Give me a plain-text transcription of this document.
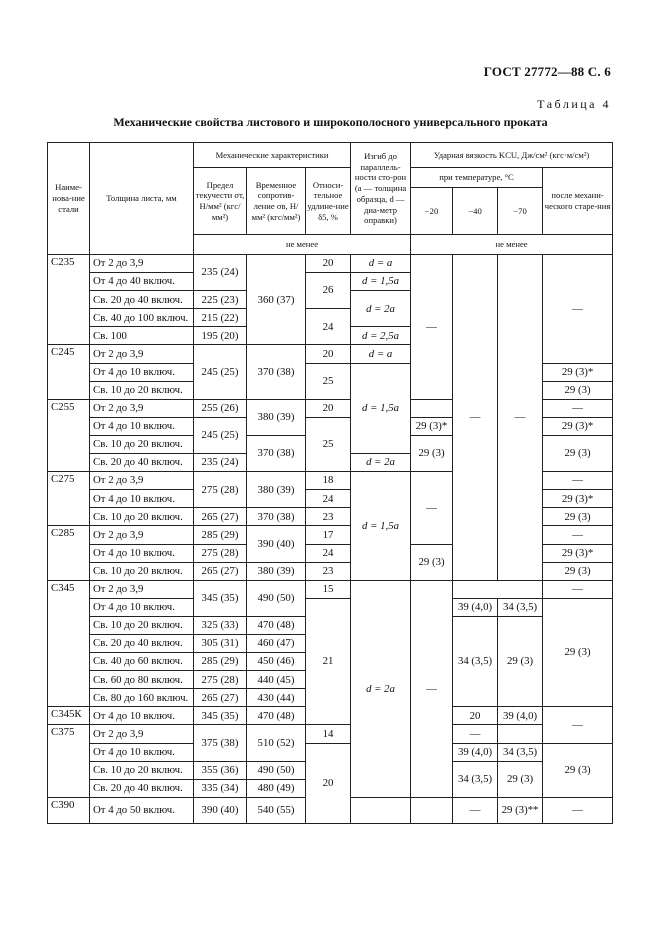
ГОСТ 27772—88 С. 6
Таблица 4
Механические свойства листового и широкополосного универсального проката
Наиме-нова-ние стали	Толщина листа, мм	Механические характеристики			Изгиб до параллель-ности сто-рон (a — толщина образца, d — диа-метр оправки)	Ударная вязкость KCU, Дж/см² (кгс·м/см²)				
		Предел текучести σт, Н/мм² (кгс/мм²)	Временное сопротив-ление σв, Н/мм² (кгс/мм²)	Относи-тельное удлине-ние δ5, %		при температуре, °С			после механи-ческого старе-ния	
						−20	−40	−70		
		не менее				не менее				
С235	От 2 до 3,9	235 (24)	360 (37)	20	d = a	—	—	—	—	
	От 4 до 40 включ.			26	d = 1,5a					
	Св. 20 до 40 включ.	225 (23)			d = 2a					
	Св. 40 до 100 включ.	215 (22)		24						
	Св. 100	195 (20)			d = 2,5a					
С245	От 2 до 3,9	245 (25)	370 (38)	20	d = a					
	От 4 до 10 включ.			25	d = 1,5a				29 (3)*	
	Св. 10 до 20 включ.								29 (3)	
С255	От 2 до 3,9	255 (26)	380 (39)	20					—	
	От 4 до 10 включ.	245 (25)		25		29 (3)*			29 (3)*	
	Св. 10 до 20 включ.		370 (38)			29 (3)			29 (3)	
	Св. 20 до 40 включ.	235 (24)			d = 2a					
С275	От 2 до 3,9	275 (28)	380 (39)	18	d = 1,5a	—			—	
	От 4 до 10 включ.			24					29 (3)*	
	Св. 10 до 20 включ.	265 (27)	370 (38)	23					29 (3)	
С285	От 2 до 3,9	285 (29)	390 (40)	17					—	
	От 4 до 10 включ.	275 (28)		24		29 (3)			29 (3)*	
	Св. 10 до 20 включ.	265 (27)	380 (39)	23					29 (3)	
С345	От 2 до 3,9	345 (35)	490 (50)	15	d = 2a	—			—	
	От 4 до 10 включ.			21			39 (4,0)	34 (3,5)	29 (3)	
	Св. 10 до 20 включ.	325 (33)	470 (48)				34 (3,5)	29 (3)		
	Св. 20 до 40 включ.	305 (31)	460 (47)							
	Св. 40 до 60 включ.	285 (29)	450 (46)							
	Св. 60 до 80 включ.	275 (28)	440 (45)							
	Св. 80 до 160 включ.	265 (27)	430 (44)							
С345К	От 4 до 10 включ.	345 (35)	470 (48)				20	39 (4,0)	—	
С375	От 2 до 3,9	375 (38)	510 (52)	14			—			
	От 4 до 10 включ.			20			39 (4,0)	34 (3,5)	29 (3)	
	Св. 10 до 20 включ.	355 (36)	490 (50)				34 (3,5)	29 (3)		
	Св. 20 до 40 включ.	335 (34)	480 (49)							
С390	От 4 до 50 включ.	390 (40)	540 (55)				—	29 (3)**	—	
